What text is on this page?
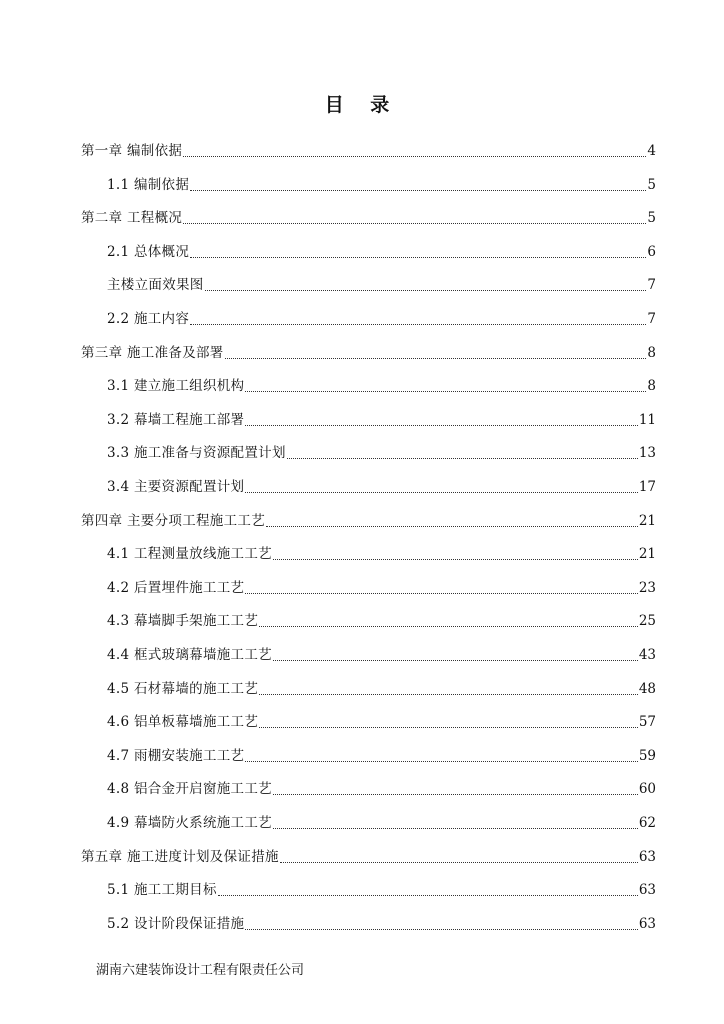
目 录
第一章 编制依据	4
1.1 编制依据	5
第二章 工程概况	5
2.1 总体概况	6
主楼立面效果图	7
2.2 施工内容	7
第三章 施工准备及部署	8
3.1 建立施工组织机构	8
3.2 幕墙工程施工部署	11
3.3 施工准备与资源配置计划	13
3.4 主要资源配置计划	17
第四章 主要分项工程施工工艺	21
4.1 工程测量放线施工工艺	21
4.2 后置埋件施工工艺	23
4.3 幕墙脚手架施工工艺	25
4.4 框式玻璃幕墙施工工艺	43
4.5 石材幕墙的施工工艺	48
4.6 铝单板幕墙施工工艺	57
4.7 雨棚安装施工工艺	59
4.8 铝合金开启窗施工工艺	60
4.9 幕墙防火系统施工工艺	62
第五章 施工进度计划及保证措施	63
5.1 施工工期目标	63
5.2 设计阶段保证措施	63
湖南六建装饰设计工程有限责任公司
